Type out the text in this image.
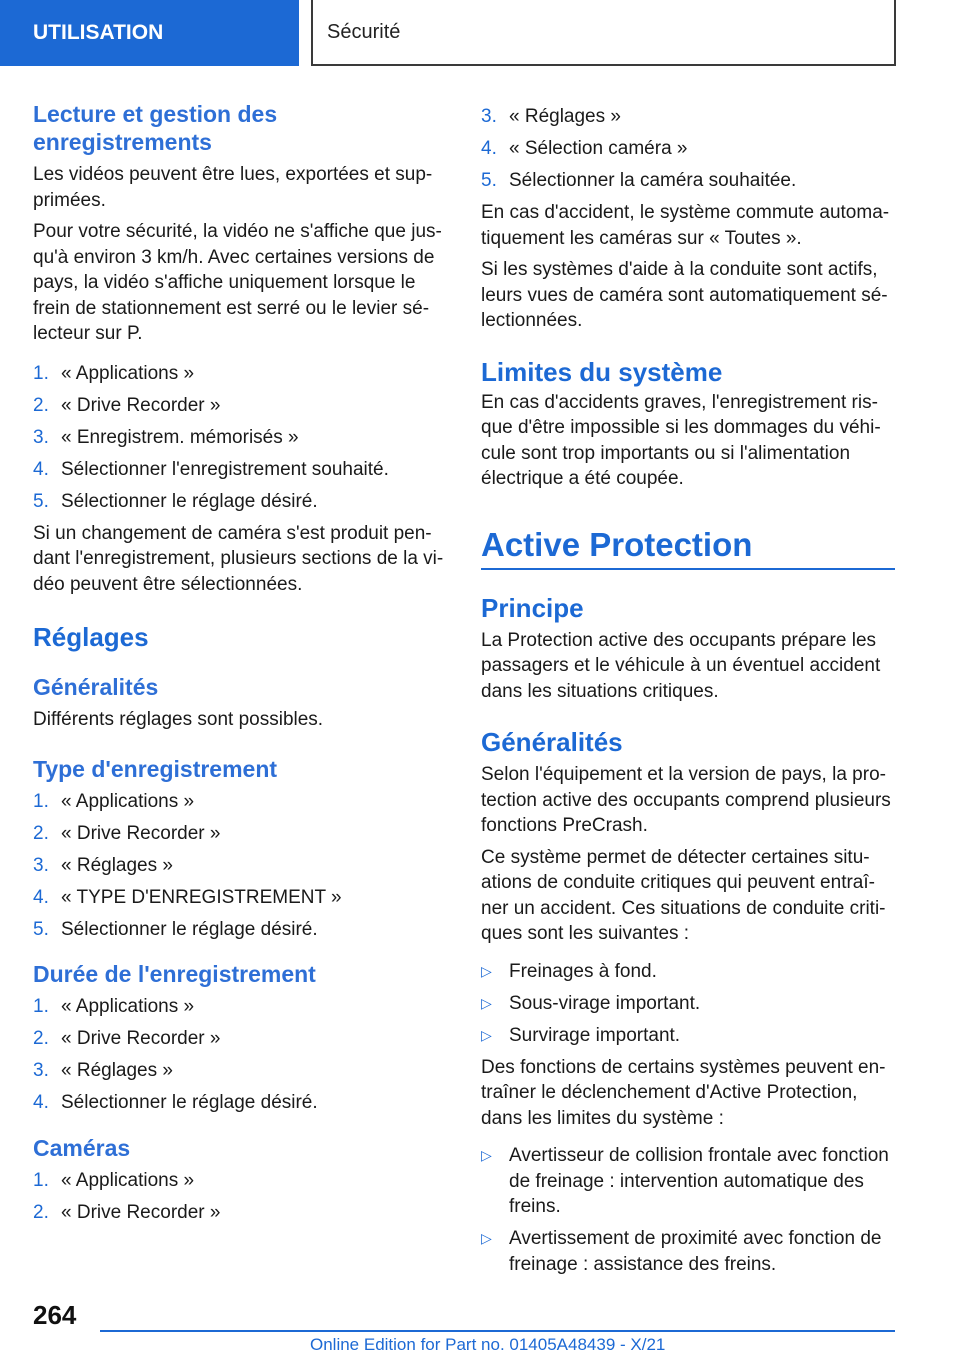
UTILISATION	Sécurité
Lecture et gestion des enregistrements

Les vidéos peuvent être lues, exportées et sup-primées.

Pour votre sécurité, la vidéo ne s'affiche que jus-qu'à environ 3 km/h. Avec certaines versions de pays, la vidéo s'affiche uniquement lorsque le frein de stationnement est serré ou le levier sé-lecteur sur P.

1. « Applications »
2. « Drive Recorder »
3. « Enregistrem. mémorisés »
4. Sélectionner l'enregistrement souhaité.
5. Sélectionner le réglage désiré.

Si un changement de caméra s'est produit pen-dant l'enregistrement, plusieurs sections de la vi-déo peuvent être sélectionnées.

Réglages
Généralités

Différents réglages sont possibles.

Type d'enregistrement
1. « Applications »
2. « Drive Recorder »
3. « Réglages »
4. « TYPE D'ENREGISTREMENT »
5. Sélectionner le réglage désiré.
Durée de l'enregistrement
1. « Applications »
2. « Drive Recorder »
3. « Réglages »
4. Sélectionner le réglage désiré.
Caméras
1. « Applications »
2. « Drive Recorder »
3. « Réglages »
4. « Sélection caméra »
5. Sélectionner la caméra souhaitée.

En cas d'accident, le système commute automa-tiquement les caméras sur « Toutes ».

Si les systèmes d'aide à la conduite sont actifs, leurs vues de caméra sont automatiquement sé-lectionnées.

Limites du système

En cas d'accidents graves, l'enregistrement ris-que d'être impossible si les dommages du véhi-cule sont trop importants ou si l'alimentation électrique a été coupée.

Active Protection
Principe

La Protection active des occupants prépare les passagers et le véhicule à un éventuel accident dans les situations critiques.

Généralités

Selon l'équipement et la version de pays, la pro-tection active des occupants comprend plusieurs fonctions PreCrash.

Ce système permet de détecter certaines situ-ations de conduite critiques qui peuvent entraî-ner un accident. Ces situations de conduite criti-ques sont les suivantes :

▷ Freinages à fond.
▷ Sous-virage important.
▷ Survirage important.

Des fonctions de certains systèmes peuvent en-traîner le déclenchement d'Active Protection, dans les limites du système :

▷ Avertisseur de collision frontale avec fonction de freinage : intervention automatique des freins.
▷ Avertissement de proximité avec fonction de freinage : assistance des freins.
264
Online Edition for Part no. 01405A48439 - X/21
